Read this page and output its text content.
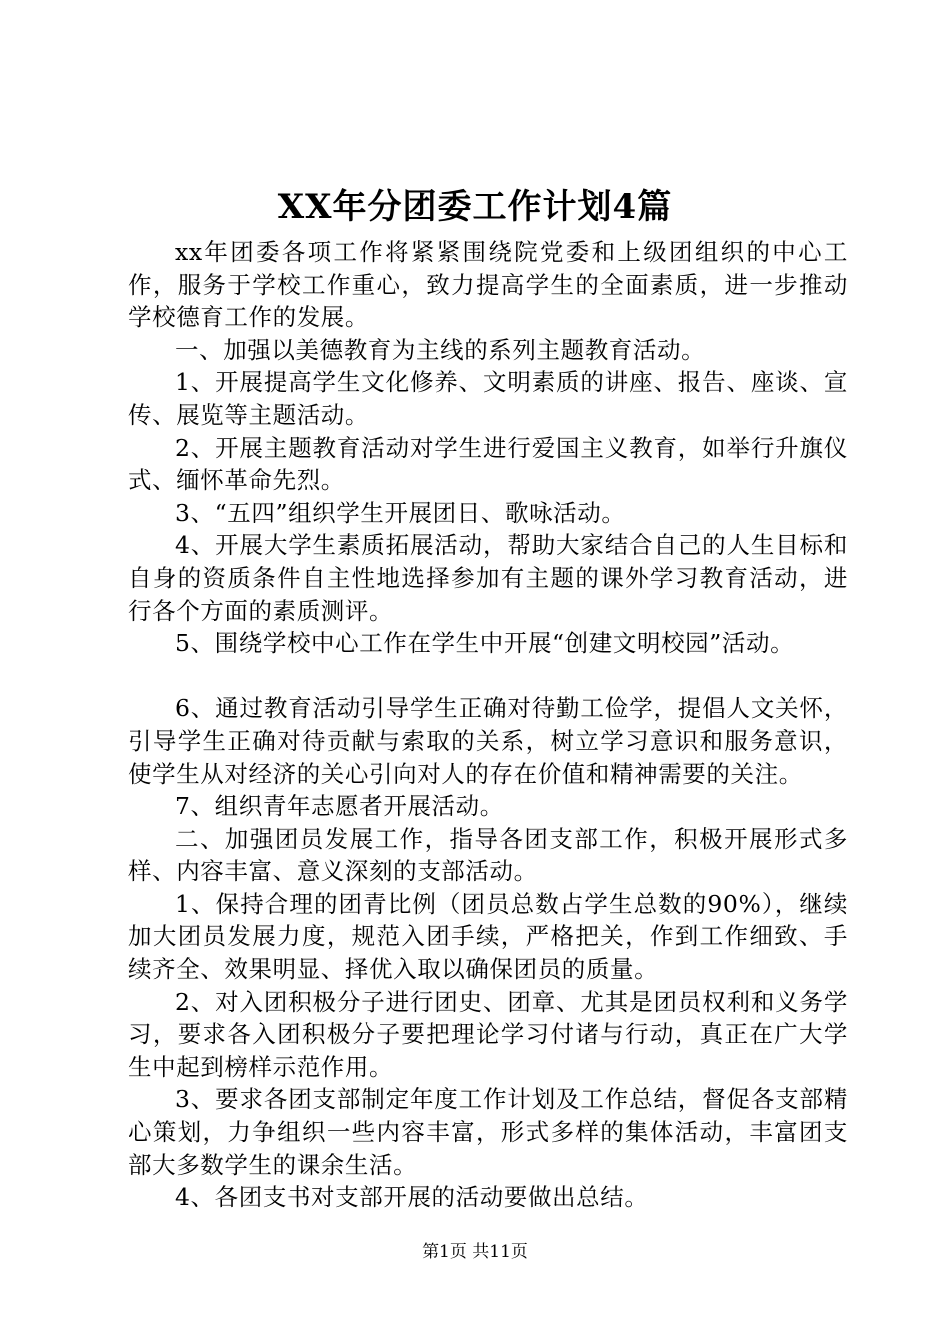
XX年分团委工作计划4篇

xx年团委各项工作将紧紧围绕院党委和上级团组织的中心工作，服务于学校工作重心，致力提高学生的全面素质，进一步推动学校德育工作的发展。

一、加强以美德教育为主线的系列主题教育活动。

1、开展提高学生文化修养、文明素质的讲座、报告、座谈、宣传、展览等主题活动。

2、开展主题教育活动对学生进行爱国主义教育，如举行升旗仪式、缅怀革命先烈。

3、“五四”组织学生开展团日、歌咏活动。

4、开展大学生素质拓展活动，帮助大家结合自己的人生目标和自身的资质条件自主性地选择参加有主题的课外学习教育活动，进行各个方面的素质测评。

5、围绕学校中心工作在学生中开展“创建文明校园”活动。

6、通过教育活动引导学生正确对待勤工俭学，提倡人文关怀，引导学生正确对待贡献与索取的关系，树立学习意识和服务意识，使学生从对经济的关心引向对人的存在价值和精神需要的关注。

7、组织青年志愿者开展活动。

二、加强团员发展工作，指导各团支部工作，积极开展形式多样、内容丰富、意义深刻的支部活动。

1、保持合理的团青比例（团员总数占学生总数的90%），继续加大团员发展力度，规范入团手续，严格把关，作到工作细致、手续齐全、效果明显、择优入取以确保团员的质量。

2、对入团积极分子进行团史、团章、尤其是团员权利和义务学习，要求各入团积极分子要把理论学习付诸与行动，真正在广大学生中起到榜样示范作用。

3、要求各团支部制定年度工作计划及工作总结，督促各支部精心策划，力争组织一些内容丰富，形式多样的集体活动，丰富团支部大多数学生的课余生活。

4、各团支书对支部开展的活动要做出总结。

第1页 共11页
